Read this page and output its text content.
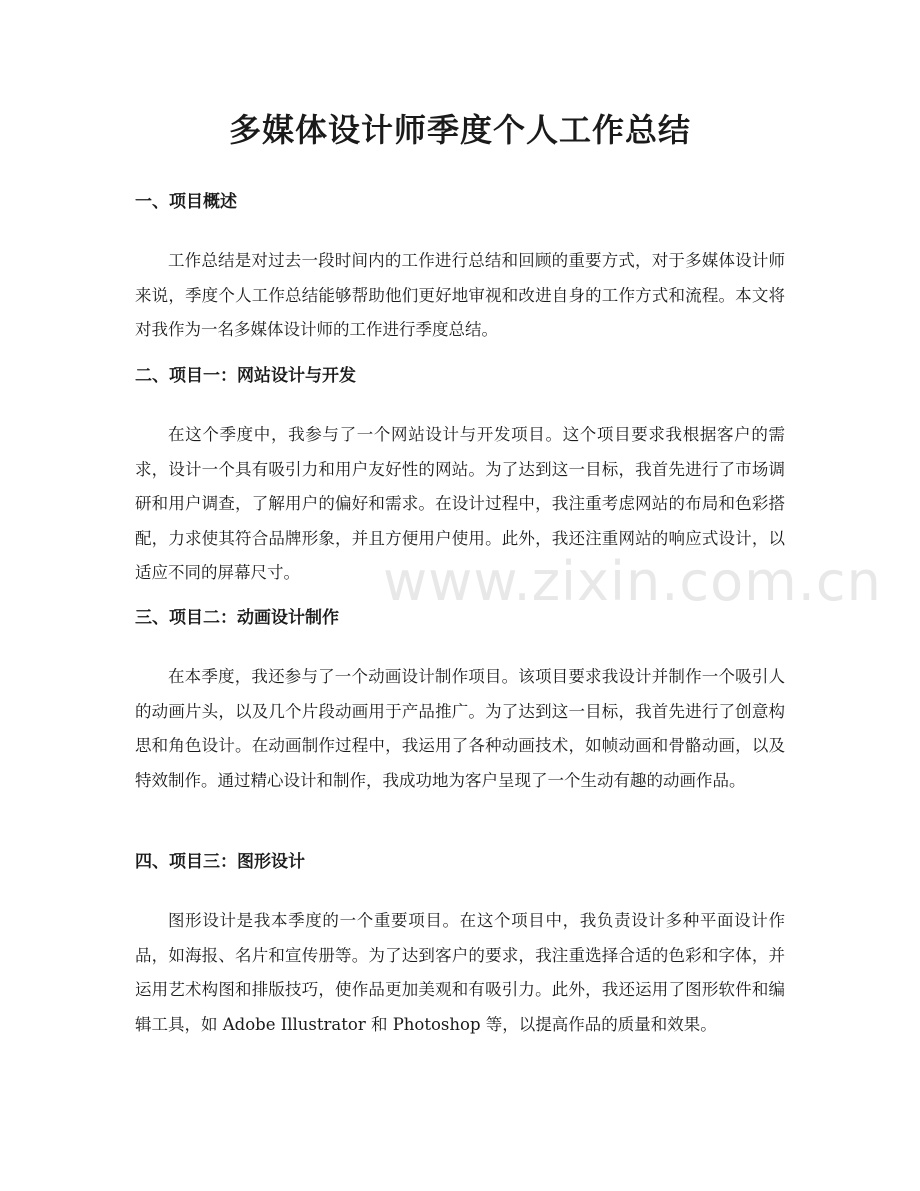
多媒体设计师季度个人工作总结
一、项目概述

工作总结是对过去一段时间内的工作进行总结和回顾的重要方式，对于多媒体设计师来说，季度个人工作总结能够帮助他们更好地审视和改进自身的工作方式和流程。本文将对我作为一名多媒体设计师的工作进行季度总结。

二、项目一：网站设计与开发

在这个季度中，我参与了一个网站设计与开发项目。这个项目要求我根据客户的需求，设计一个具有吸引力和用户友好性的网站。为了达到这一目标，我首先进行了市场调研和用户调查，了解用户的偏好和需求。在设计过程中，我注重考虑网站的布局和色彩搭配，力求使其符合品牌形象，并且方便用户使用。此外，我还注重网站的响应式设计，以适应不同的屏幕尺寸。

三、项目二：动画设计制作

在本季度，我还参与了一个动画设计制作项目。该项目要求我设计并制作一个吸引人的动画片头，以及几个片段动画用于产品推广。为了达到这一目标，我首先进行了创意构思和角色设计。在动画制作过程中，我运用了各种动画技术，如帧动画和骨骼动画，以及特效制作。通过精心设计和制作，我成功地为客户呈现了一个生动有趣的动画作品。

四、项目三：图形设计

图形设计是我本季度的一个重要项目。在这个项目中，我负责设计多种平面设计作品，如海报、名片和宣传册等。为了达到客户的要求，我注重选择合适的色彩和字体，并运用艺术构图和排版技巧，使作品更加美观和有吸引力。此外，我还运用了图形软件和编辑工具，如 Adobe Illustrator 和 Photoshop 等，以提高作品的质量和效果。

www.zixin.com.cn
